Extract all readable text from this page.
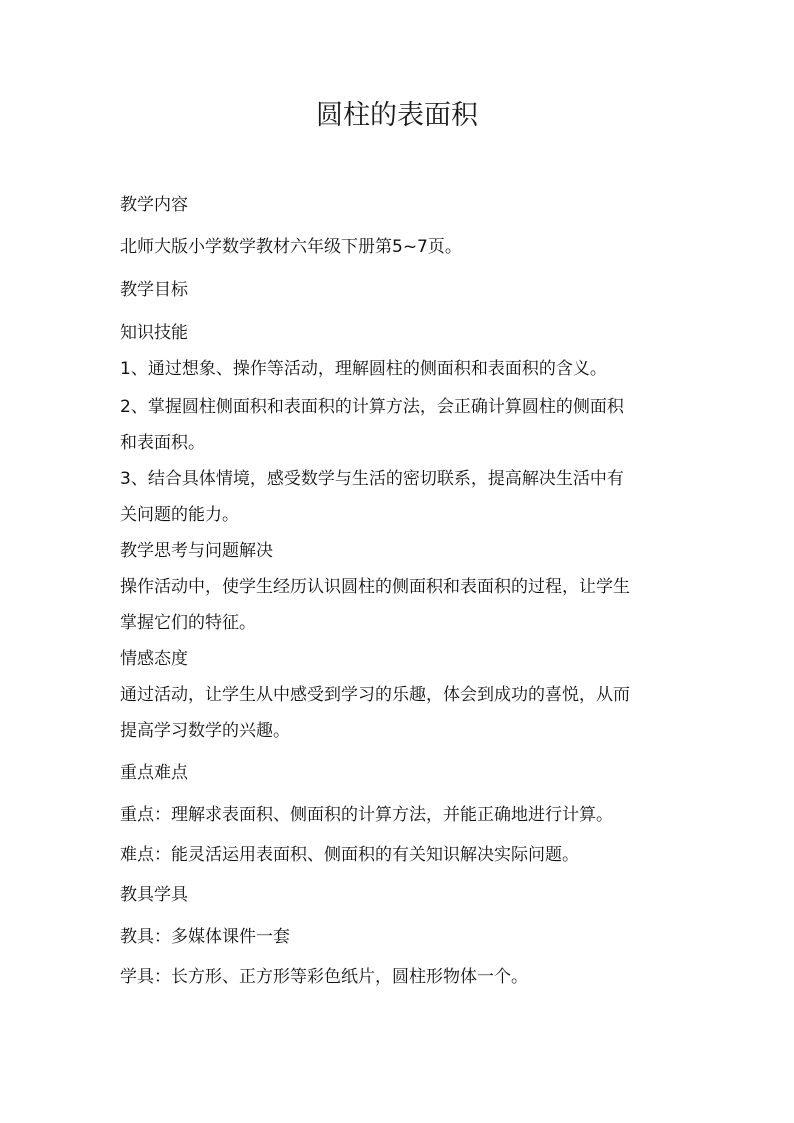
圆柱的表面积

教学内容

北师大版小学数学教材六年级下册第5~7页。

教学目标

知识技能

1、通过想象、操作等活动，理解圆柱的侧面积和表面积的含义。

2、掌握圆柱侧面积和表面积的计算方法，会正确计算圆柱的侧面积

和表面积。

3、结合具体情境，感受数学与生活的密切联系，提高解决生活中有

关问题的能力。

教学思考与问题解决

操作活动中，使学生经历认识圆柱的侧面积和表面积的过程，让学生

掌握它们的特征。

情感态度

通过活动，让学生从中感受到学习的乐趣，体会到成功的喜悦，从而

提高学习数学的兴趣。

重点难点

重点：理解求表面积、侧面积的计算方法，并能正确地进行计算。

难点：能灵活运用表面积、侧面积的有关知识解决实际问题。

教具学具

教具：多媒体课件一套

学具：长方形、正方形等彩色纸片，圆柱形物体一个。
